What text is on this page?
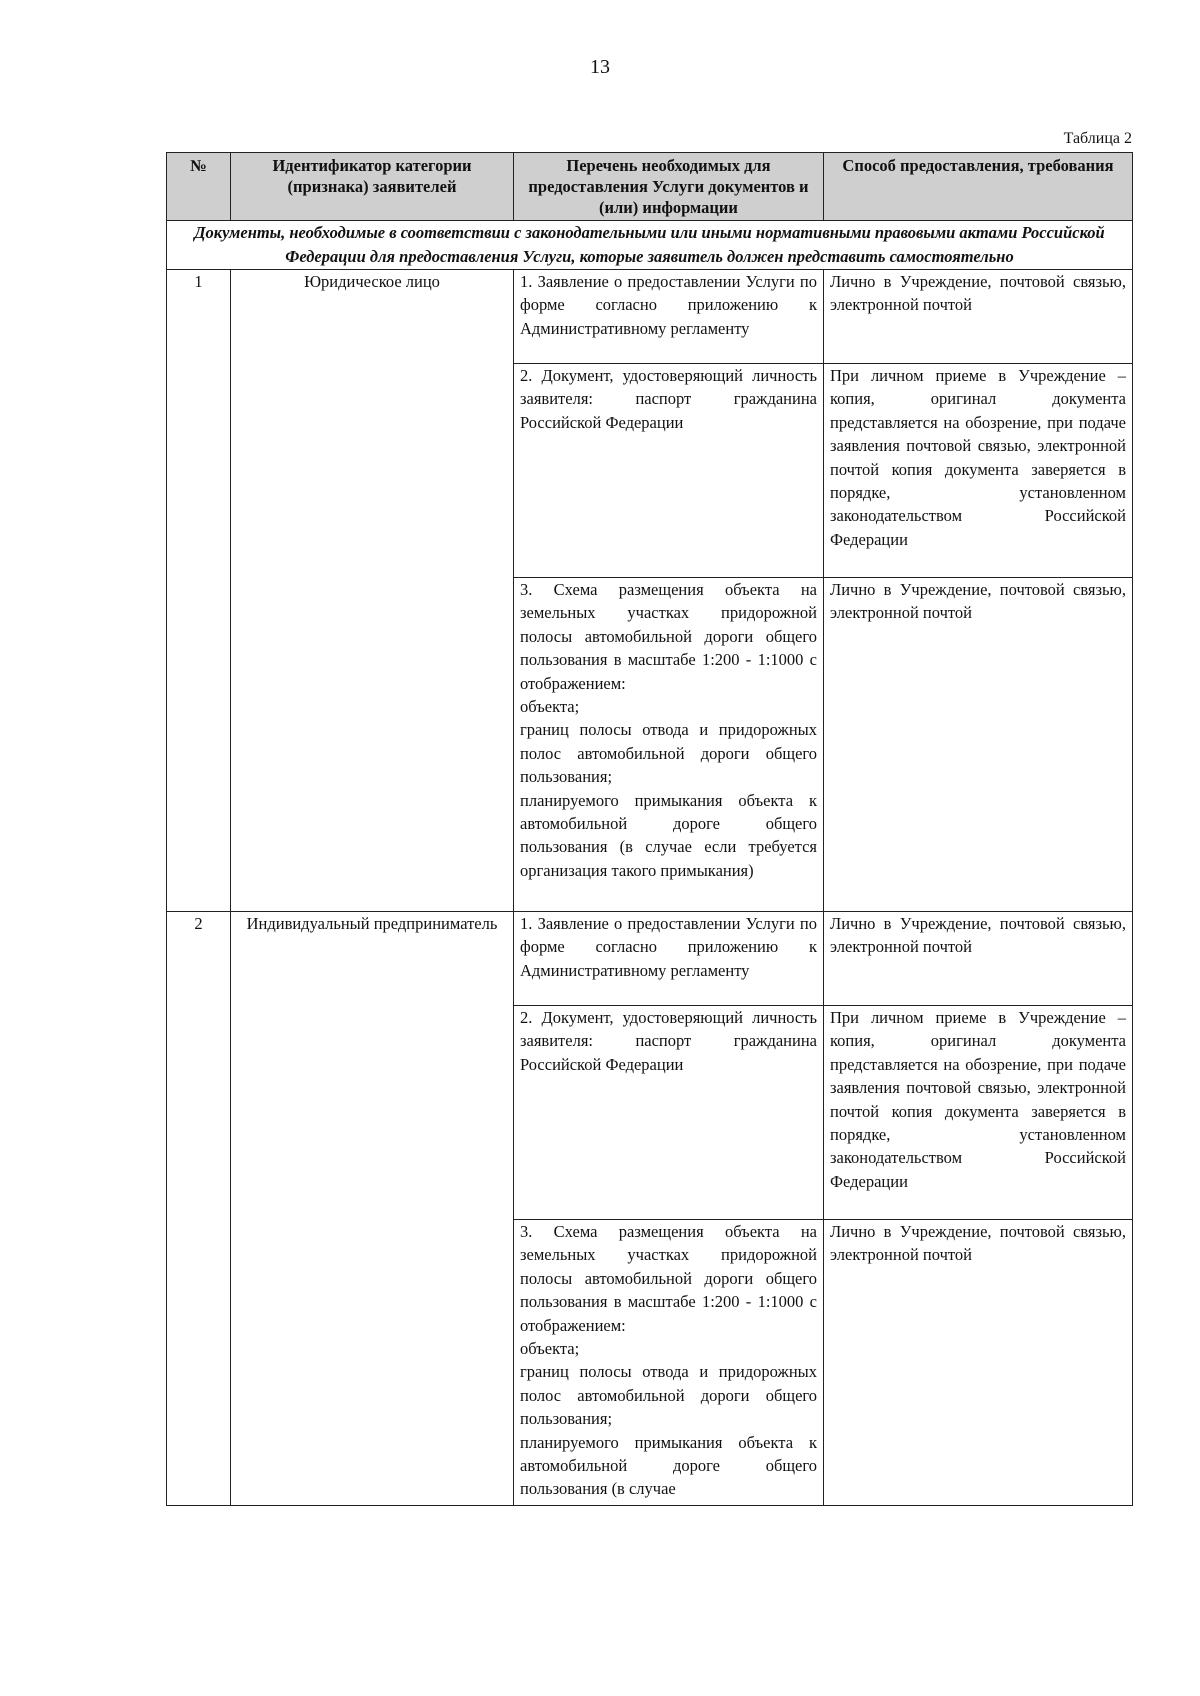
13
Таблица 2
№	Идентификатор категории (признака) заявителей	Перечень необходимых для предоставления Услуги документов и (или) информации	Способ предоставления, требования
Документы, необходимые в соответствии с законодательными или иными нормативными правовыми актами Российской Федерации для предоставления Услуги, которые заявитель должен представить самостоятельно			
1	Юридическое лицо	1. Заявление о предоставлении Услуги по форме согласно приложению к Административному регламенту	Лично в Учреждение, почтовой связью, электронной почтой

		2. Документ, удостоверяющий личность заявителя: паспорт гражданина Российской Федерации	При личном приеме в Учреждение – копия, оригинал документа представляется на обозрение, при подаче заявления почтовой связью, электронной почтой копия документа заверяется в порядке, установленном законодательством Российской Федерации

		3. Схема размещения объекта на земельных участках придорожной полосы автомобильной дороги общего пользования в масштабе 1:200 - 1:1000 с отображением:
объекта;
границ полосы отвода и придорожных полос автомобильной дороги общего пользования;
планируемого примыкания объекта к автомобильной дороге общего пользования (в случае если требуется организация такого примыкания)	Лично в Учреждение, почтовой связью, электронной почтой
2	Индивидуальный предприниматель	1. Заявление о предоставлении Услуги по форме согласно приложению к Административному регламенту	Лично в Учреждение, почтовой связью, электронной почтой

		2. Документ, удостоверяющий личность заявителя: паспорт гражданина Российской Федерации	При личном приеме в Учреждение – копия, оригинал документа представляется на обозрение, при подаче заявления почтовой связью, электронной почтой копия документа заверяется в порядке, установленном законодательством Российской Федерации

		3. Схема размещения объекта на земельных участках придорожной полосы автомобильной дороги общего пользования в масштабе 1:200 - 1:1000 с отображением:
объекта;
границ полосы отвода и придорожных полос автомобильной дороги общего пользования;
планируемого примыкания объекта к автомобильной дороге общего пользования (в случае	Лично в Учреждение, почтовой связью, электронной почтой
